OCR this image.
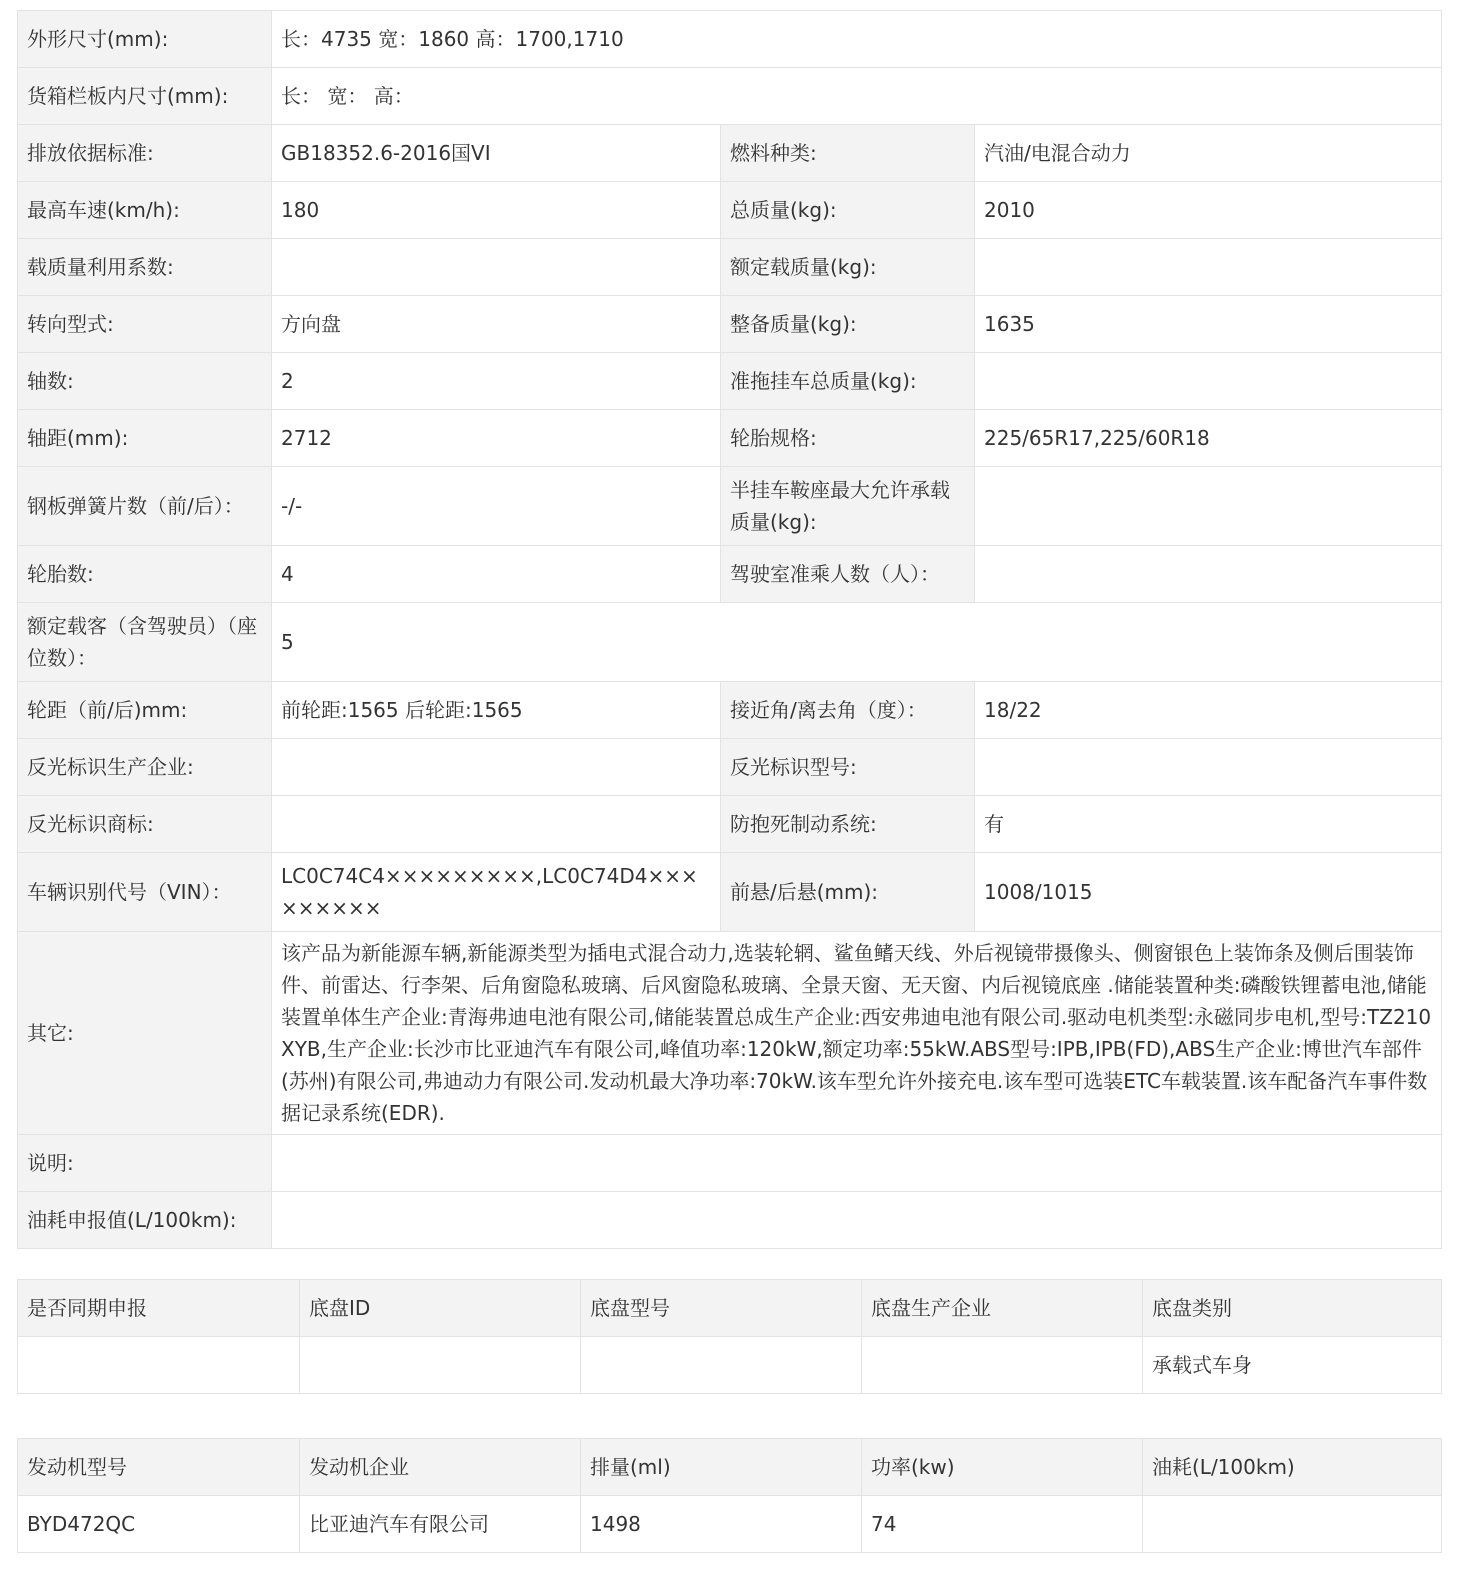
外形尺寸(mm):	长：4735 宽：1860 高：1700,1710		
货箱栏板内尺寸(mm):	长： 宽： 高：		
排放依据标准:	GB18352.6-2016国VI	燃料种类:	汽油/电混合动力
最高车速(km/h):	180	总质量(kg):	2010
载质量利用系数:		额定载质量(kg):	
转向型式:	方向盘	整备质量(kg):	1635
轴数:	2	准拖挂车总质量(kg):	
轴距(mm):	2712	轮胎规格:	225/65R17,225/60R18
钢板弹簧片数（前/后）：	-/-	半挂车鞍座最大允许承载质量(kg):	
轮胎数:	4	驾驶室准乘人数（人）：	
额定载客（含驾驶员）（座位数）：	5		
轮距（前/后)mm:	前轮距:1565 后轮距:1565	接近角/离去角（度）：	18/22
反光标识生产企业:		反光标识型号:	
反光标识商标:		防抱死制动系统:	有
车辆识别代号（VIN）：	LC0C74C4×××××××××,LC0C74D4×××××××××	前悬/后悬(mm):	1008/1015
其它:	该产品为新能源车辆,新能源类型为插电式混合动力,选装轮辋、鲨鱼鳍天线、外后视镜带摄像头、侧窗银色上装饰条及侧后围装饰件、前雷达、行李架、后角窗隐私玻璃、后风窗隐私玻璃、全景天窗、无天窗、内后视镜底座 .储能装置种类:磷酸铁锂蓄电池,储能装置单体生产企业:青海弗迪电池有限公司,储能装置总成生产企业:西安弗迪电池有限公司.驱动电机类型:永磁同步电机,型号:TZ210XYB,生产企业:长沙市比亚迪汽车有限公司,峰值功率:120kW,额定功率:55kW.ABS型号:IPB,IPB(FD),ABS生产企业:博世汽车部件(苏州)有限公司,弗迪动力有限公司.发动机最大净功率:70kW.该车型允许外接充电.该车型可选装ETC车载装置.该车配备汽车事件数据记录系统(EDR).		
说明:			
油耗申报值(L/100km):			
是否同期申报	底盘ID	底盘型号	底盘生产企业	底盘类别
				承载式车身
发动机型号	发动机企业	排量(ml)	功率(kw)	油耗(L/100km)
BYD472QC	比亚迪汽车有限公司	1498	74	
